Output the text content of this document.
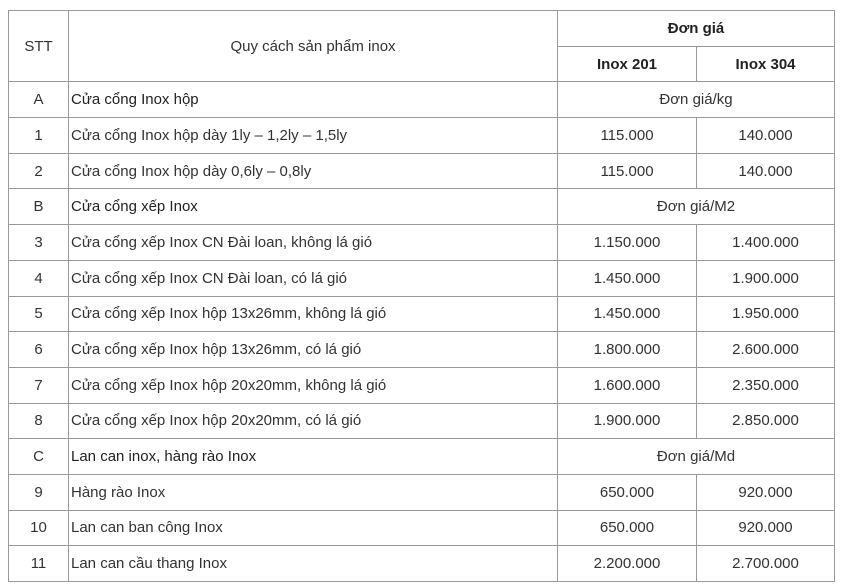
STT	Quy cách sản phẩm inox	Đơn giá	
		Inox 201	Inox 304
A	Cửa cổng Inox hộp	Đơn giá/kg	
1	Cửa cổng Inox hộp dày 1ly – 1,2ly – 1,5ly	115.000	140.000
2	Cửa cổng Inox hộp dày 0,6ly – 0,8ly	115.000	140.000
B	Cửa cổng xếp Inox	Đơn giá/M2	
3	Cửa cổng xếp Inox CN Đài loan, không lá gió	1.150.000	1.400.000
4	Cửa cổng xếp Inox CN Đài loan, có lá gió	1.450.000	1.900.000
5	Cửa cổng xếp Inox hộp 13x26mm, không lá gió	1.450.000	1.950.000
6	Cửa cổng xếp Inox hộp 13x26mm, có lá gió	1.800.000	2.600.000
7	Cửa cổng xếp Inox hộp 20x20mm, không lá gió	1.600.000	2.350.000
8	Cửa cổng xếp Inox hộp 20x20mm, có lá gió	1.900.000	2.850.000
C	Lan can inox, hàng rào Inox	Đơn giá/Md	
9	Hàng rào Inox	650.000	920.000
10	Lan can ban công Inox	650.000	920.000
11	Lan can cầu thang Inox	2.200.000	2.700.000
